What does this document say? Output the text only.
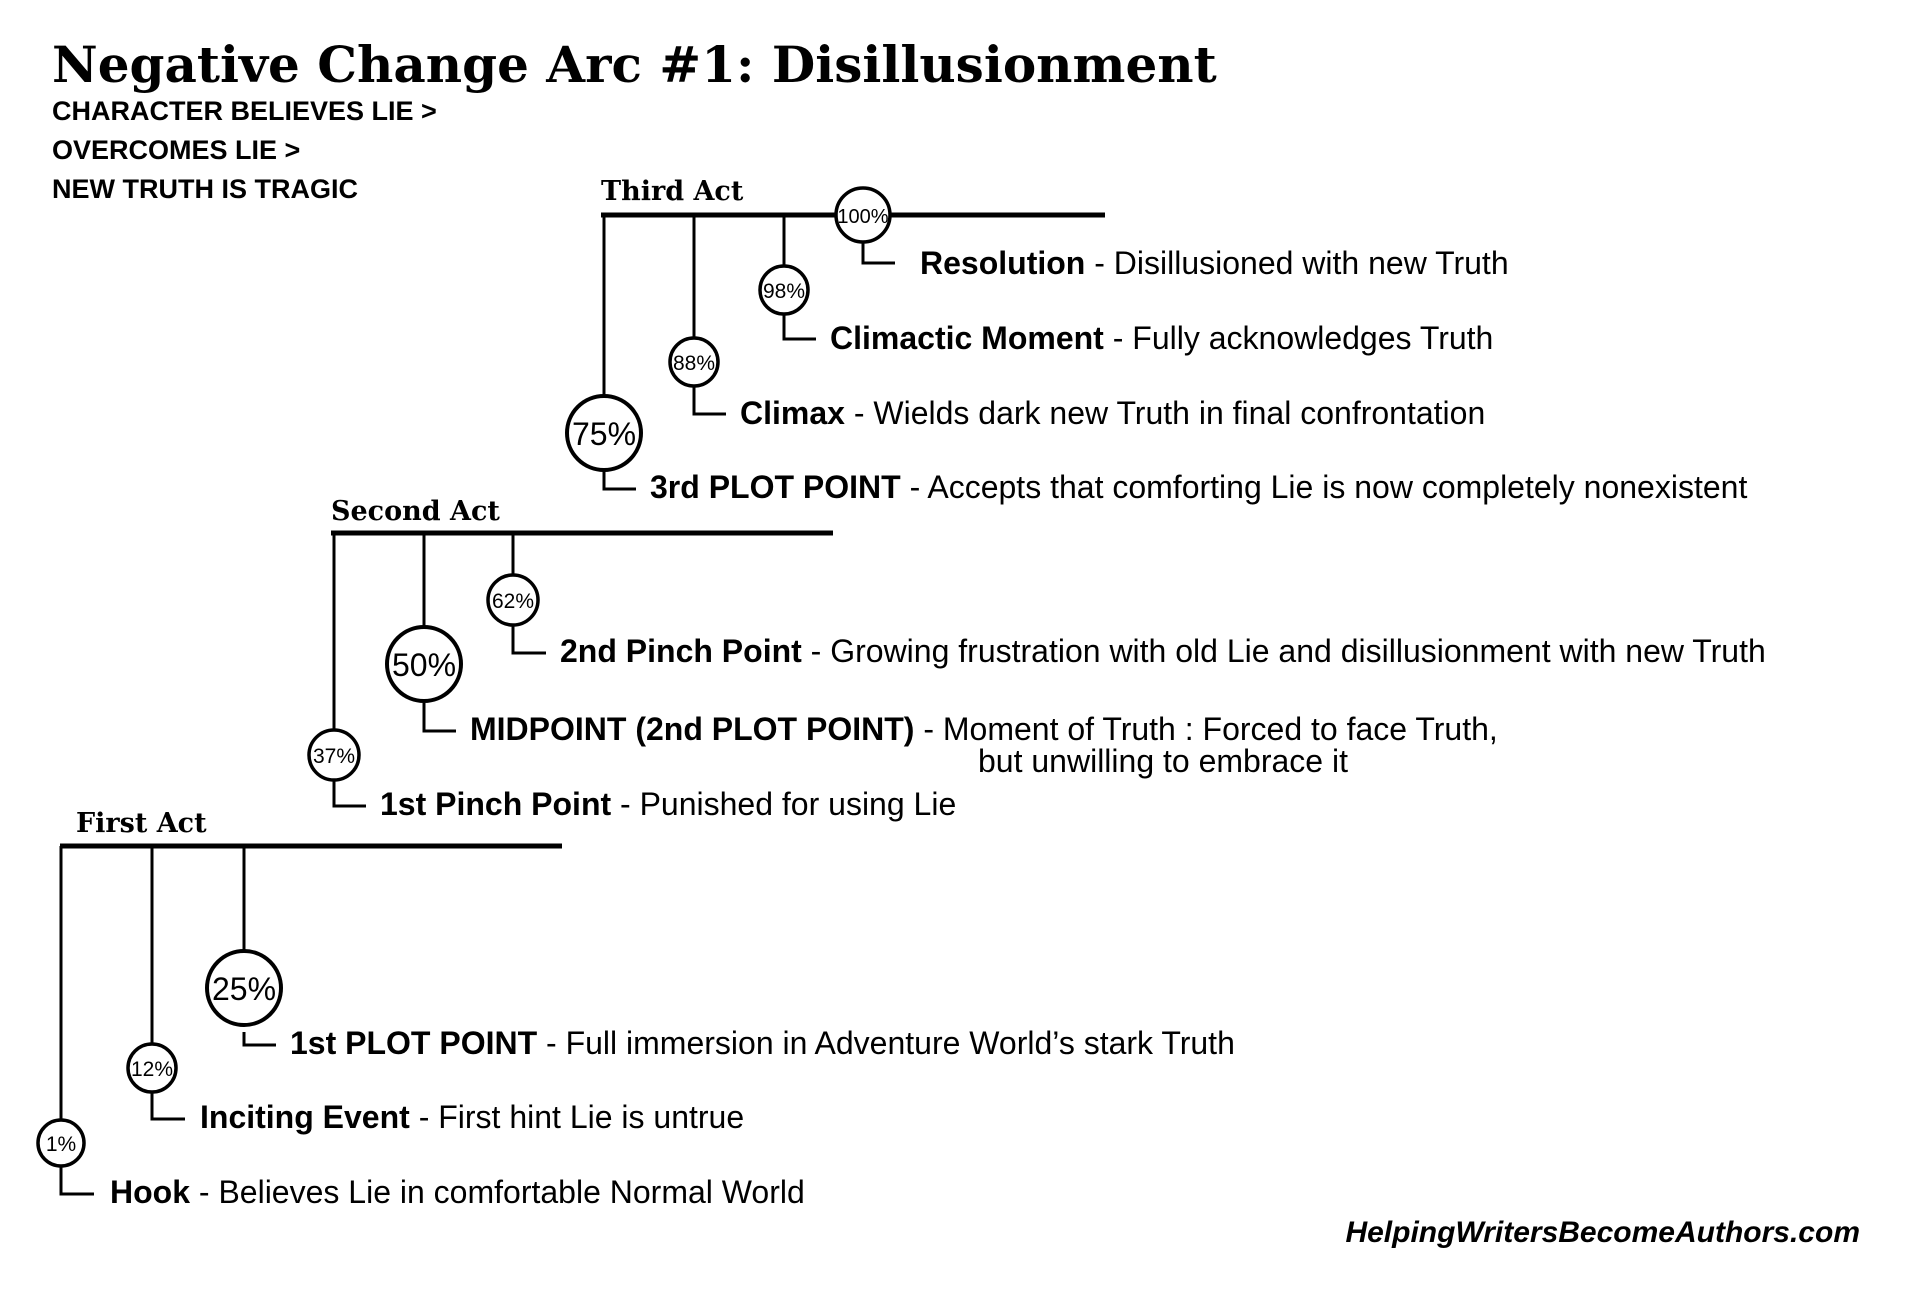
Negative Change Arc #1: Disillusionment
CHARACTER BELIEVES LIE >
OVERCOMES LIE >
NEW TRUTH IS TRAGIC
First Act
1%
Hook - Believes Lie in comfortable Normal World
12%
Inciting Event - First hint Lie is untrue
25%
1st PLOT POINT - Full immersion in Adventure World’s stark Truth
Second Act
37%
1st Pinch Point - Punished for using Lie
50%
MIDPOINT (2nd PLOT POINT) - Moment of Truth : Forced to face Truth,
but unwilling to embrace it
62%
2nd Pinch Point - Growing frustration with old Lie and disillusionment with new Truth
Third Act
75%
3rd PLOT POINT - Accepts that comforting Lie is now completely nonexistent
88%
Climax - Wields dark new Truth in final confrontation
98%
Climactic Moment - Fully acknowledges Truth
100%
Resolution - Disillusioned with new Truth
HelpingWritersBecomeAuthors.com
